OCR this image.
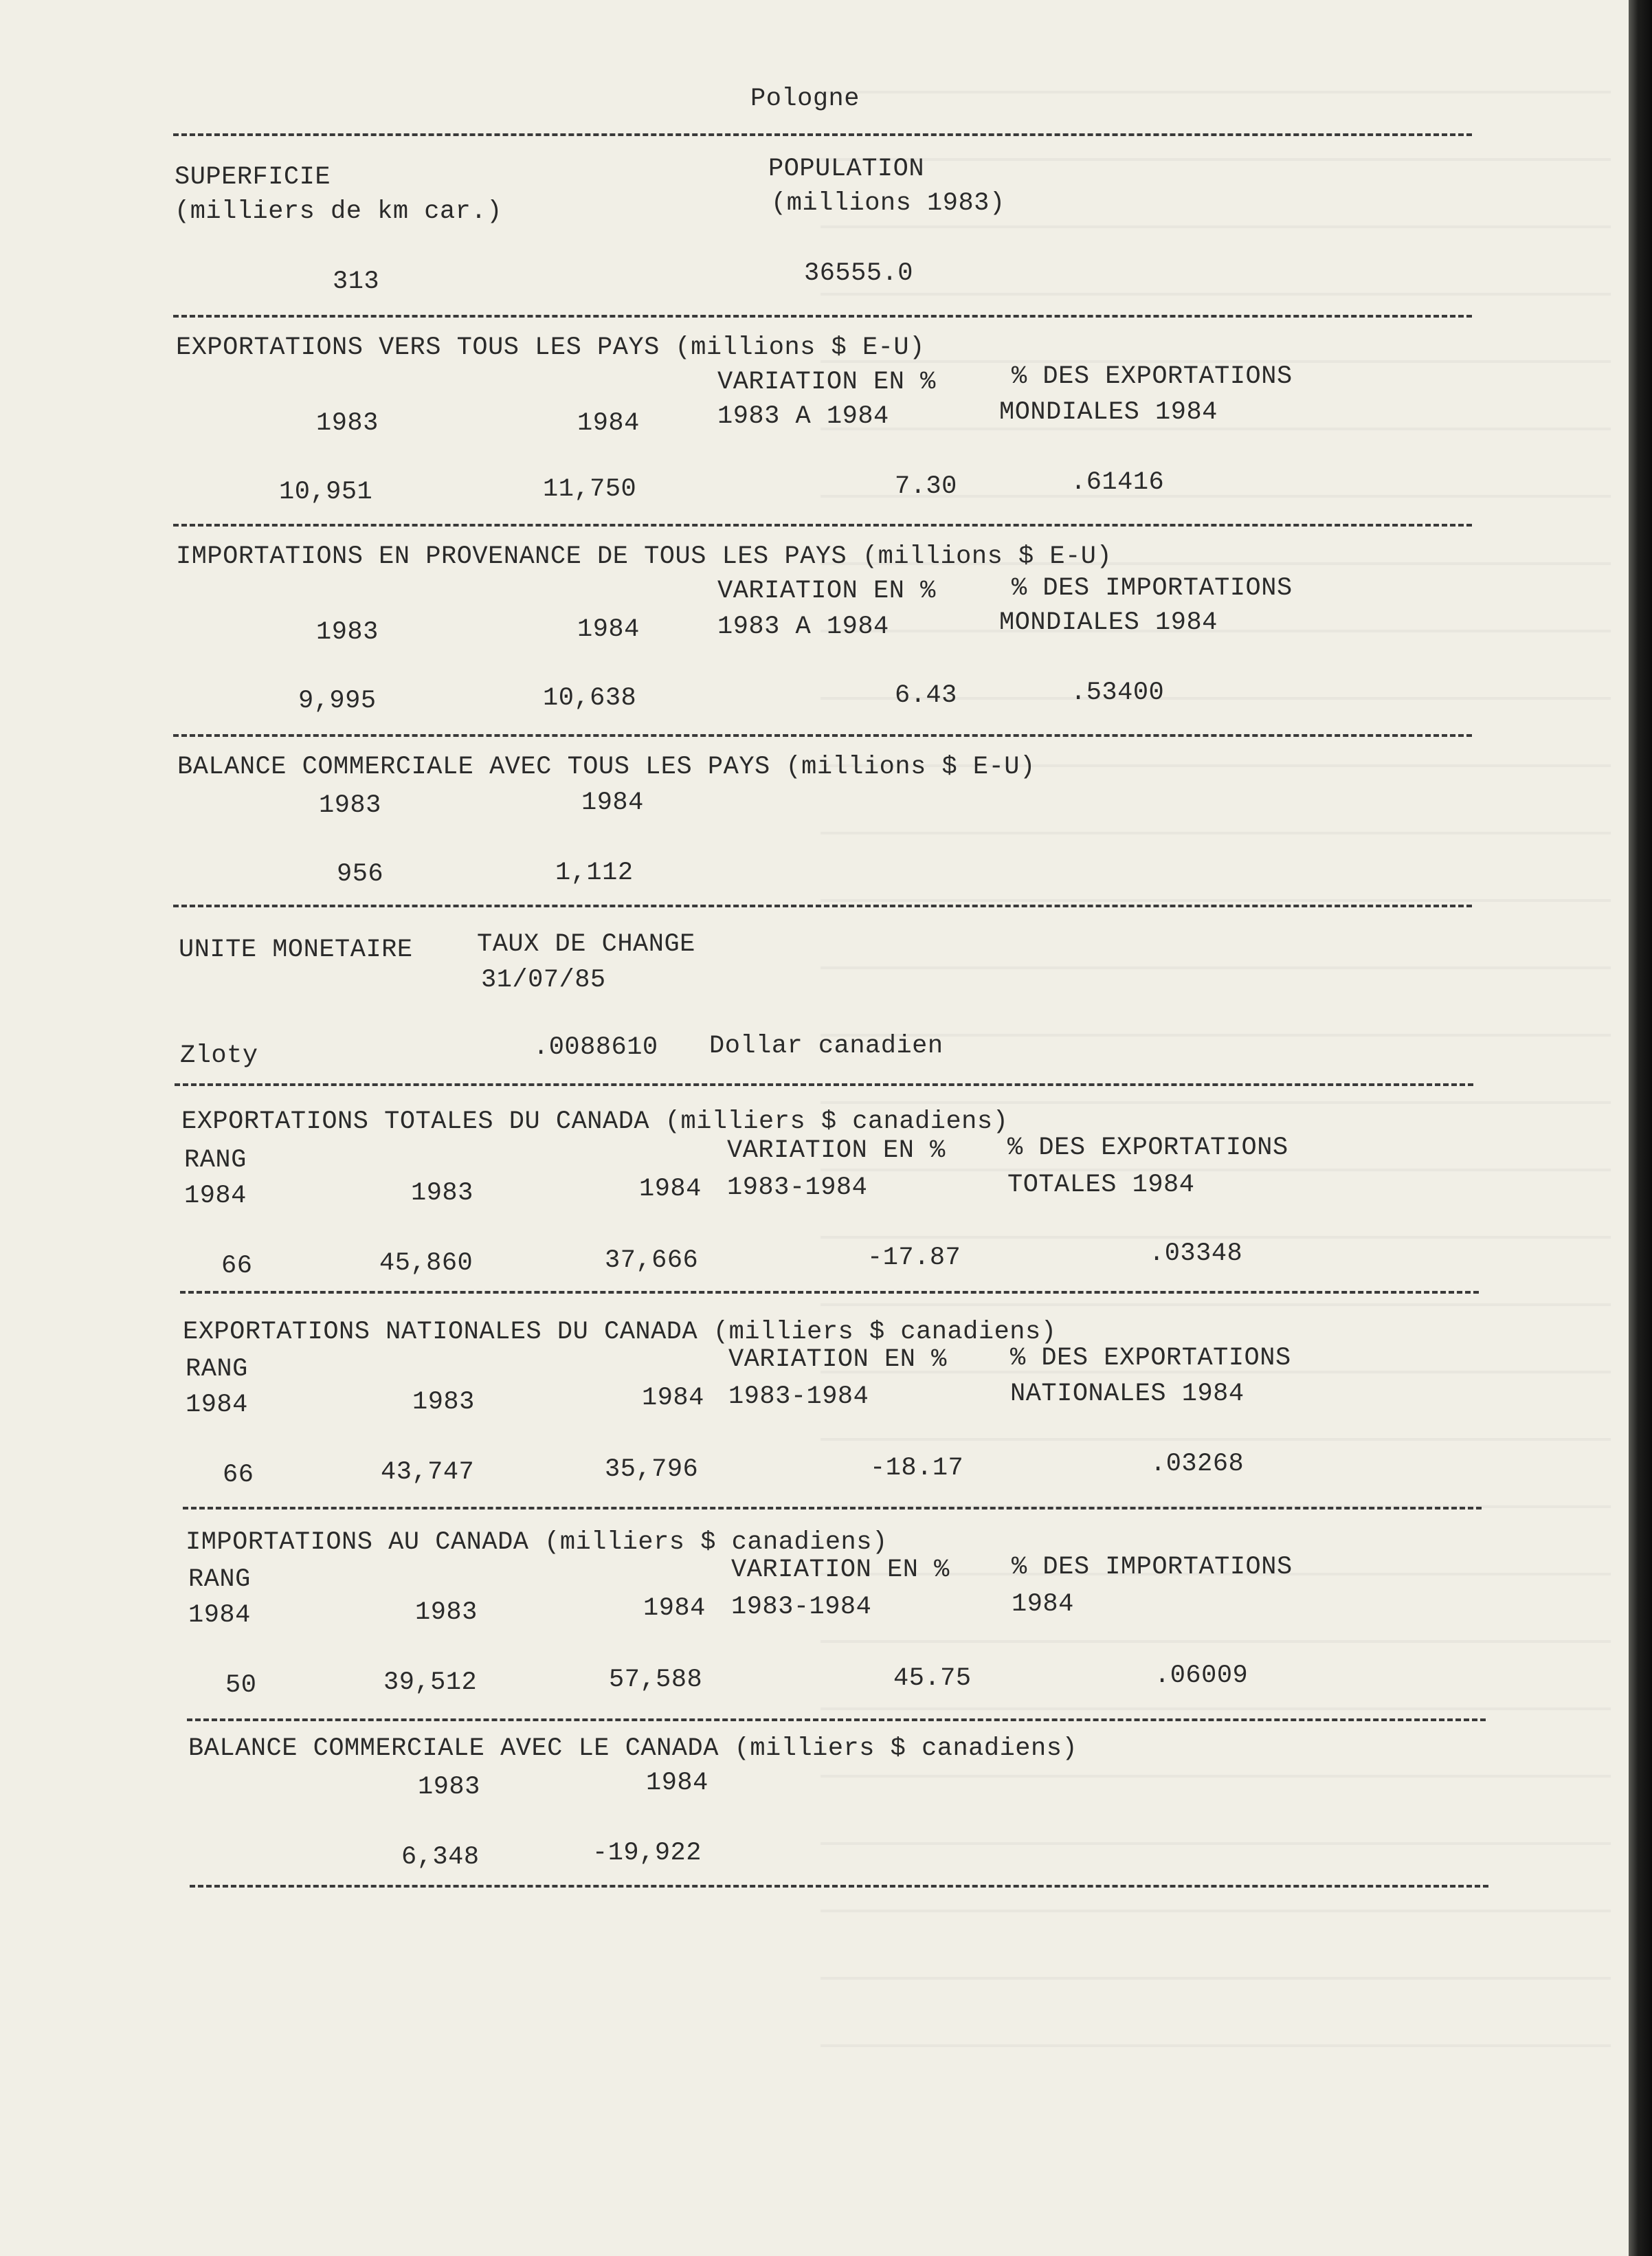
Pologne
SUPERFICIE
(milliers de km car.)
POPULATION
(millions 1983)
313	36555.0
EXPORTATIONS VERS TOUS LES PAYS (millions $ E-U)
VARIATION EN %	% DES EXPORTATIONS
1983	1984	1983 A 1984	MONDIALES 1984
10,951	11,750	7.30	.61416
IMPORTATIONS EN PROVENANCE DE TOUS LES PAYS (millions $ E-U)
VARIATION EN %	% DES IMPORTATIONS
1983	1984	1983 A 1984	MONDIALES 1984
9,995	10,638	6.43	.53400
BALANCE COMMERCIALE AVEC TOUS LES PAYS (millions $ E-U)
1983	1984
956	1,112
UNITE MONETAIRE	TAUX DE CHANGE
31/07/85
Zloty	.0088610 Dollar canadien
EXPORTATIONS TOTALES DU CANADA (milliers $ canadiens)
RANG	VARIATION EN % % DES EXPORTATIONS
1984	1983	1984 1983-1984	TOTALES 1984
66	45,860	37,666	-17.87	.03348
EXPORTATIONS NATIONALES DU CANADA (milliers $ canadiens)
RANG	VARIATION EN % % DES EXPORTATIONS
1984	1983	1984 1983-1984	NATIONALES 1984
66	43,747	35,796	-18.17	.03268
IMPORTATIONS AU CANADA (milliers $ canadiens)
RANG	VARIATION EN % % DES IMPORTATIONS
1984	1983	1984 1983-1984	1984
50	39,512	57,588	45.75	.06009
BALANCE COMMERCIALE AVEC LE CANADA (milliers $ canadiens)
1983	1984
6,348	-19,922
